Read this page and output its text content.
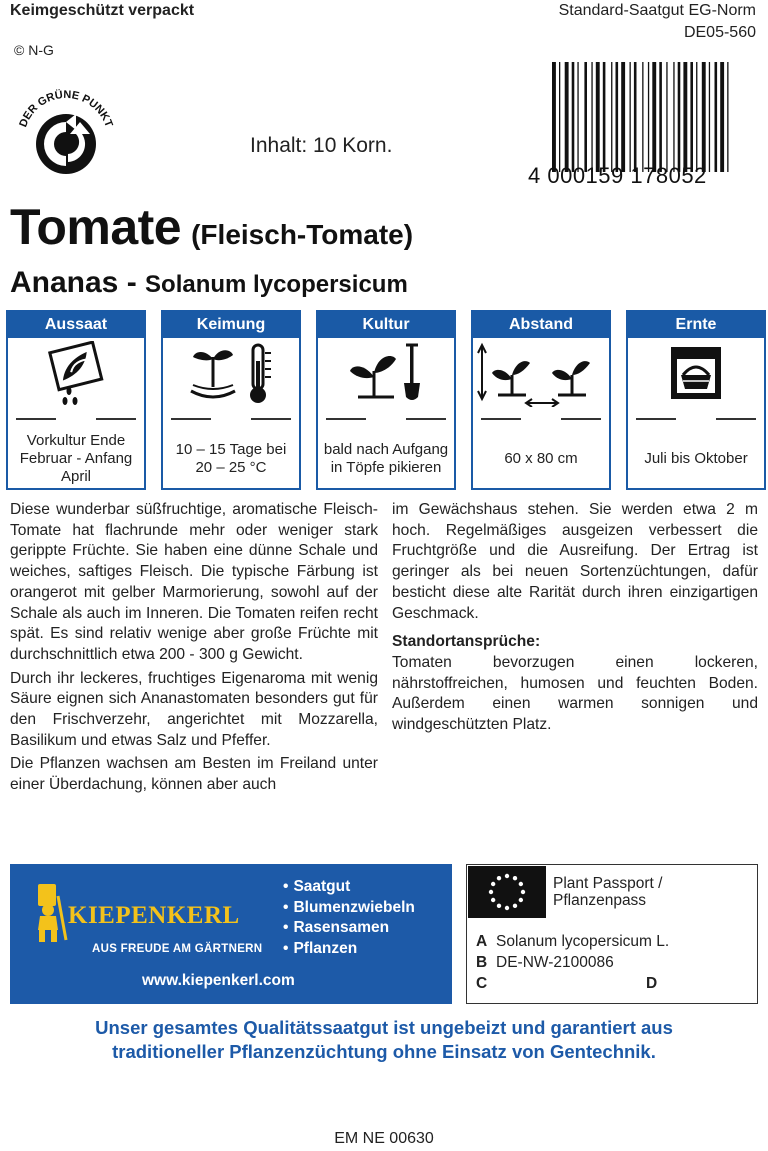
Keimgeschützt verpackt
© N-G
Standard-Saatgut EG-Norm
DE05-560
DER GRÜNE PUNKT
Inhalt: 10 Korn.
4 000159 178052
Tomate (Fleisch-Tomate)
Ananas - Solanum lycopersicum
Aussaat
Vorkultur Ende Februar - Anfang April
Keimung
10 – 15 Tage bei 20 – 25 °C
Kultur
bald nach Aufgang in Töpfe pikieren
Abstand
60 x 80 cm
Ernte
Juli bis Oktober

Diese wunderbar süßfruchtige, aromatische Fleisch-Tomate hat flachrunde mehr oder weniger stark gerippte Früchte. Sie haben eine dünne Schale und weiches, saftiges Fleisch. Die typische Färbung ist orangerot mit gelber Marmorierung, sowohl auf der Schale als auch im Inneren. Die Tomaten reifen recht spät. Es sind relativ wenige aber große Früchte mit durchschnittlich etwa 200 - 300 g Gewicht.

Durch ihr leckeres, fruchtiges Eigenaroma mit wenig Säure eignen sich Ananastomaten besonders gut für den Frischverzehr, angerichtet mit Mozzarella, Basilikum und etwas Salz und Pfeffer.

Die Pflanzen wachsen am Besten im Freiland unter einer Überdachung, können aber auch

im Gewächshaus stehen. Sie werden etwa 2 m hoch. Regelmäßiges ausgeizen verbessert die Fruchtgröße und die Ausreifung. Der Ertrag ist geringer als bei neuen Sortenzüchtungen, dafür besticht diese alte Rarität durch ihren einzigartigen Geschmack.

Standortansprüche:

Tomaten bevorzugen einen lockeren, nährstoffreichen, humosen und feuchten Boden. Außerdem einen warmen sonnigen und windgeschützten Platz.

KIEPENKERL
AUS FREUDE AM GÄRTNERN
• Saatgut
• Blumenzwiebeln
• Rasensamen
• Pflanzen
www.kiepenkerl.com
Plant Passport /
Pflanzenpass
A Solanum lycopersicum L.
B DE-NW-2100086
C	D
Unser gesamtes Qualitätssaatgut ist ungebeizt und garantiert aus
traditioneller Pflanzenzüchtung ohne Einsatz von Gentechnik.
EM NE 00630
